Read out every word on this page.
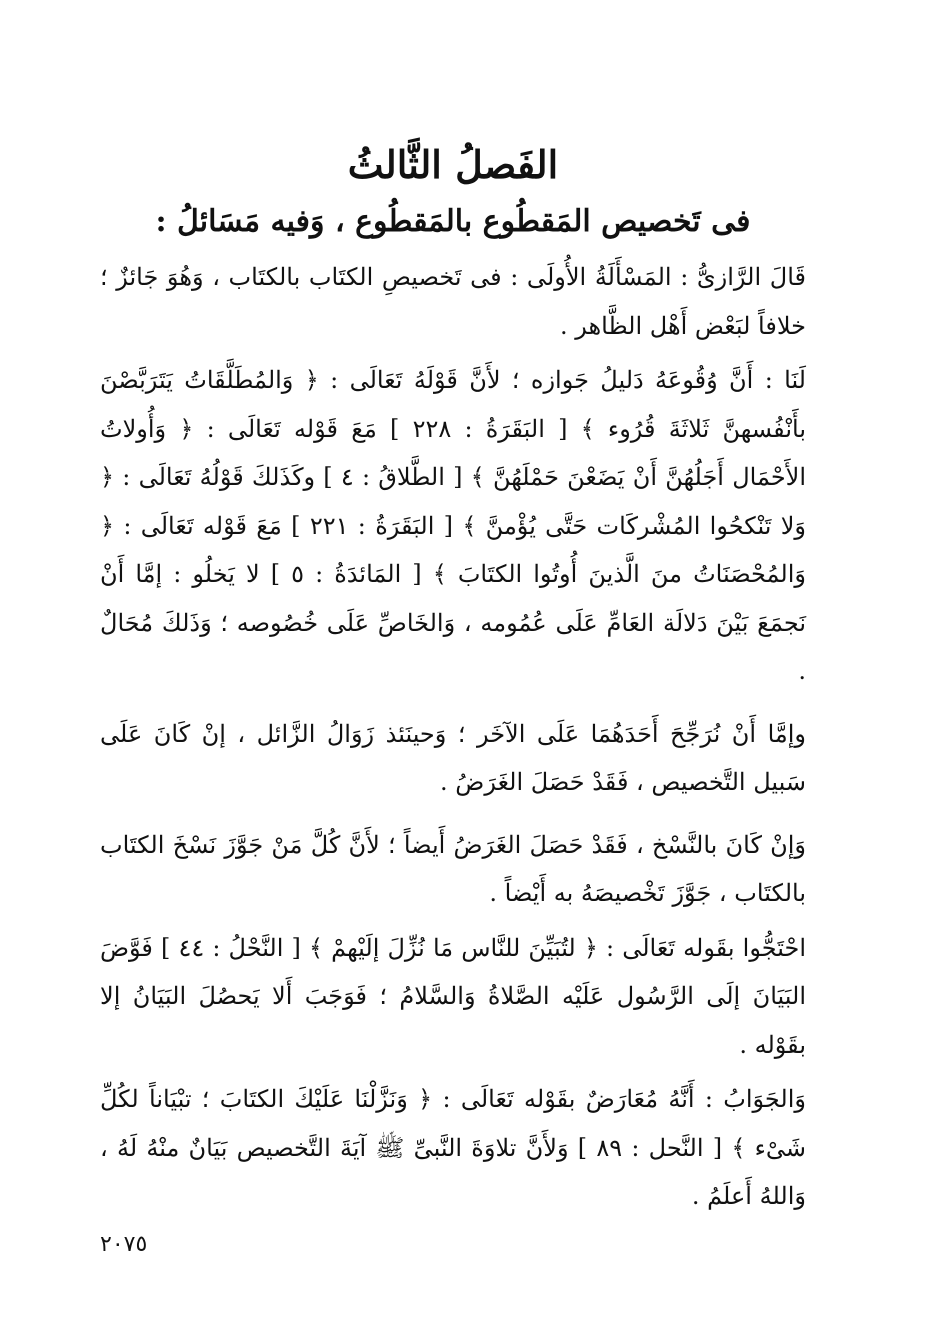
الفَصلُ الثَّالثُ
فى تَخصيص المَقطُوع بالمَقطُوع ، وَفيه مَسَائلُ :

قَالَ الرَّازىُّ : المَسْأَلَةُ الأُولَى : فى تَخصيصِ الكتَاب بالكتَاب ، وَهُوَ جَائزٌ ؛ خلافاً لبَعْض أَهْل الظَّاهر .

لَنَا : أَنَّ وُقُوعَهُ دَليلُ جَوازه ؛ لأَنَّ قَوْلَهُ تَعَالَى : ﴿ وَالمُطَلَّقَاتُ يَتَرَبَّصْنَ بأَنْفُسهنَّ ثَلاثَةَ قُرُوء ﴾ [ البَقَرَةُ : ٢٢٨ ] مَعَ قَوْله تَعَالَى : ﴿ وَأُولاتُ الأَحْمَال أَجَلُهُنَّ أَنْ يَضَعْنَ حَمْلَهُنَّ ﴾ [ الطَّلاقُ : ٤ ] وكَذَلكَ قَوْلُهُ تَعَالَى : ﴿ وَلا تَنْكحُوا المُشْركَات حَتَّى يُؤْمنَّ ﴾ [ البَقَرَةُ : ٢٢١ ] مَعَ قَوْله تَعَالَى : ﴿ وَالمُحْصَنَاتُ منَ الَّذينَ أُوتُوا الكتَابَ ﴾ [ المَائدَةُ : ٥ ] لا يَخلُو : إمَّا أَنْ نَجمَعَ بَيْنَ دَلالَة العَامِّ عَلَى عُمُومه ، وَالخَاصِّ عَلَى خُصُوصه ؛ وَذَلكَ مُحَالٌ .

وإمَّا أَنْ نُرَجِّحَ أَحَدَهُمَا عَلَى الآخَر ؛ وَحينَئذ زَوَالُ الزَّائل ، إنْ كَانَ عَلَى سَبيل التَّخصيص ، فَقَدْ حَصَلَ الغَرَضُ .

وَإنْ كَانَ بالنَّسْخ ، فَقَدْ حَصَلَ الغَرَضُ أَيضاً ؛ لأَنَّ كُلَّ مَنْ جَوَّزَ نَسْخَ الكتَاب بالكتَاب ، جَوَّزَ تَخْصيصَهُ به أَيْضاً .

احْتَجُّوا بقَوله تَعَالَى : ﴿ لتُبَيِّنَ للنَّاس مَا نُزِّلَ إلَيْهمْ ﴾ [ النَّحْلُ : ٤٤ ] فَوَّضَ البَيَانَ إلَى الرَّسُول عَلَيْه الصَّلاةُ وَالسَّلامُ ؛ فَوَجَبَ أَلا يَحصُلَ البَيَانُ إلا بقَوْله .

وَالجَوَابُ : أَنَّهُ مُعَارَضٌ بقَوْله تَعَالَى : ﴿ وَنَزَّلْنَا عَلَيْكَ الكتَابَ ؛ تبْيَاناً لكُلِّ شَىْء ﴾ [ النَّحل : ٨٩ ] وَلأَنَّ تلاوَةَ النَّبىِّ ﷺ آيَةَ التَّخصيص بَيَانٌ منْهُ لَهُ ، وَاللهُ أَعلَمُ .

٢٠٧٥
